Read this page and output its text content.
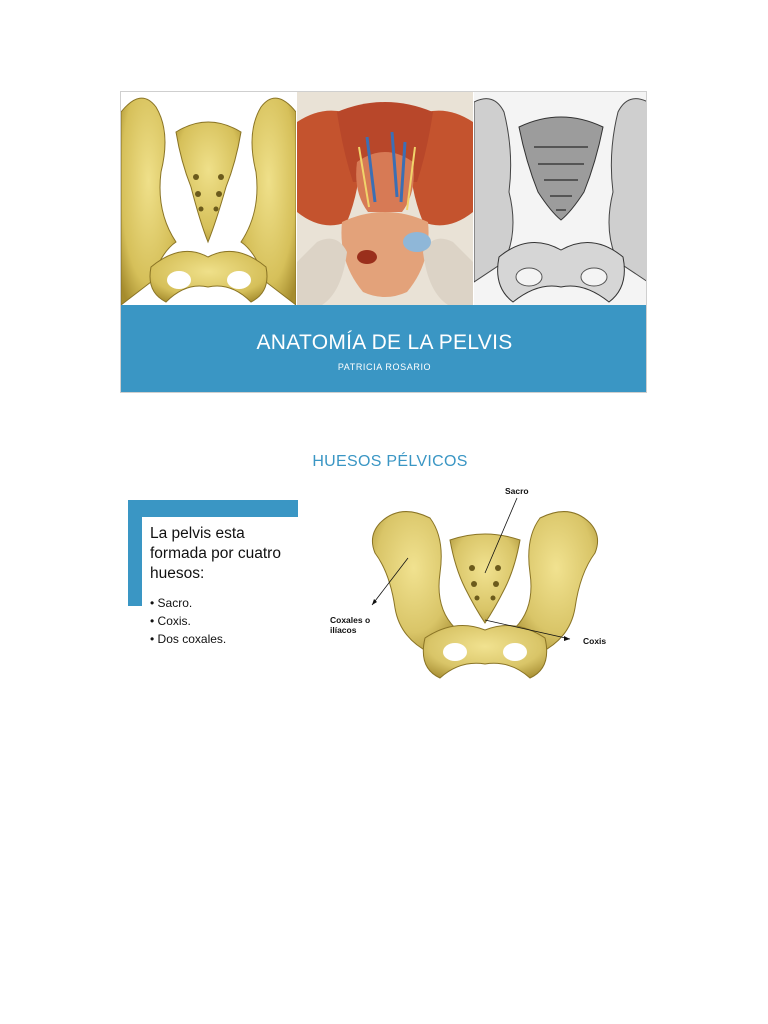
ANATOMÍA DE LA PELVIS
PATRICIA ROSARIO
HUESOS PÉLVICOS
La pelvis esta formada por cuatro huesos:
• Sacro.
• Coxis.
• Dos coxales.
Sacro
Coxales o ilíacos
Coxis
